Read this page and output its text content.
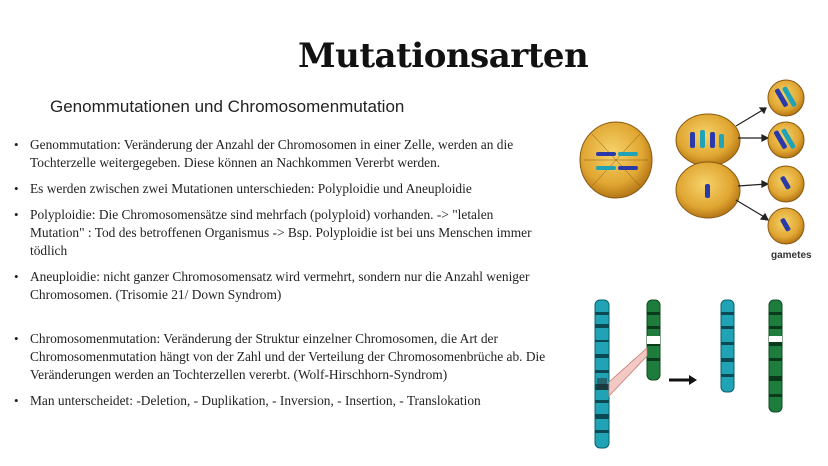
Mutationsarten
Genommutationen und Chromosomenmutation
• Genommutation: Veränderung der Anzahl der Chromosomen in einer Zelle, werden an die Tochterzelle weitergegeben. Diese können an Nachkommen Vererbt werden.
• Es werden zwischen zwei Mutationen unterschieden: Polyploidie und Aneuploidie
• Polyploidie: Die Chromosomensätze sind mehrfach (polyploid) vorhanden. -> "letalen Mutation" : Tod des betroffenen Organismus -> Bsp. Polyploidie ist bei uns Menschen immer tödlich
• Aneuploidie: nicht ganzer Chromosomensatz wird vermehrt, sondern nur die Anzahl weniger Chromosomen. (Trisomie 21/ Down Syndrom)
• Chromosomenmutation: Veränderung der Struktur einzelner Chromosomen, die Art der Chromosomenmutation hängt von der Zahl und der Verteilung der Chromosomenbrüche ab. Die Veränderungen werden an Tochterzellen vererbt. (Wolf-Hirschhorn-Syndrom)
• Man unterscheidet: -Deletion, - Duplikation, - Inversion, - Insertion, - Translokation
gametes
